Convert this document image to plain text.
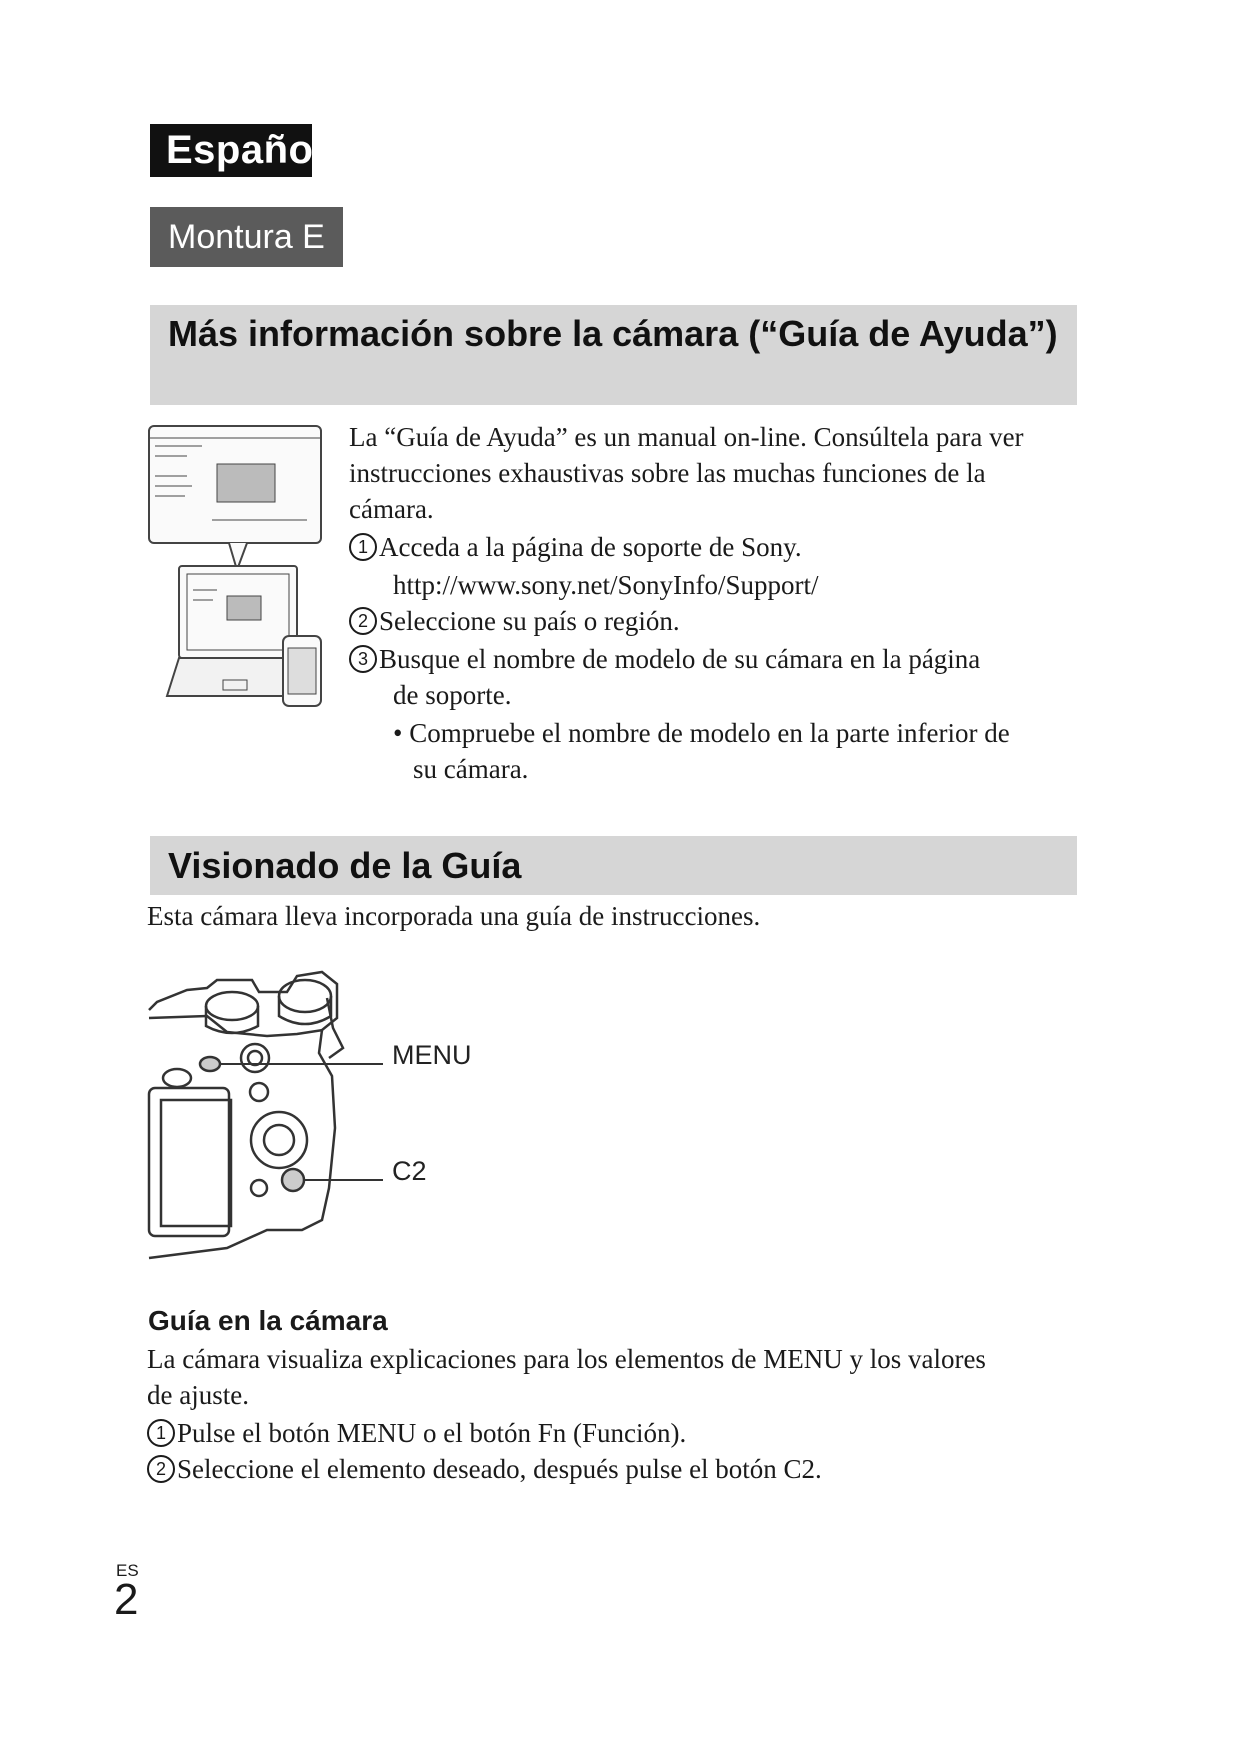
Español
Montura E
Más información sobre la cámara (“Guía de Ayuda”)
La “Guía de Ayuda” es un manual on-line. Consúltela para ver instrucciones exhaustivas sobre las muchas funciones de la cámara.
1 Acceda a la página de soporte de Sony.
http://www.sony.net/SonyInfo/Support/
2 Seleccione su país o región.
3 Busque el nombre de modelo de su cámara en la página
de soporte.
• Compruebe el nombre de modelo en la parte inferior de
su cámara.
Visionado de la Guía
Esta cámara lleva incorporada una guía de instrucciones.
MENU
C2
Guía en la cámara
La cámara visualiza explicaciones para los elementos de MENU y los valores
de ajuste.
1 Pulse el botón MENU o el botón Fn (Función).
2 Seleccione el elemento deseado, después pulse el botón C2.
ES
2
